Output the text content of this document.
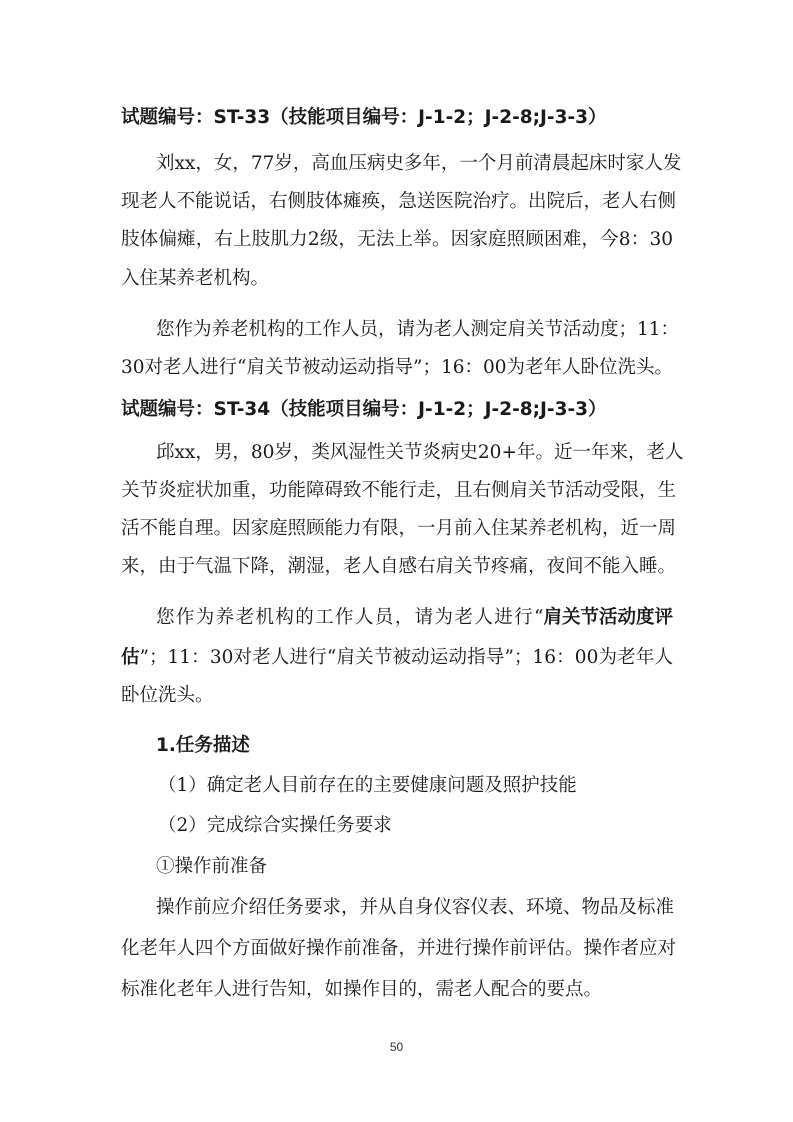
试题编号：ST-33（技能项目编号：J-1-2；J-2-8;J-3-3）
刘xx，女，77岁，高血压病史多年，一个月前清晨起床时家人发
现老人不能说话，右侧肢体瘫痪，急送医院治疗。出院后，老人右侧
肢体偏瘫，右上肢肌力2级，无法上举。因家庭照顾困难，今8：30
入住某养老机构。
您作为养老机构的工作人员，请为老人测定肩关节活动度；11：
30对老人进行“肩关节被动运动指导”；16：00为老年人卧位洗头。
试题编号：ST-34（技能项目编号：J-1-2；J-2-8;J-3-3）
邱xx，男，80岁，类风湿性关节炎病史20+年。近一年来，老人
关节炎症状加重，功能障碍致不能行走，且右侧肩关节活动受限，生
活不能自理。因家庭照顾能力有限，一月前入住某养老机构，近一周
来，由于气温下降，潮湿，老人自感右肩关节疼痛，夜间不能入睡。
您作为养老机构的工作人员，请为老人进行“ 肩关节活动度评
估 ”；11：30对老人进行“肩关节被动运动指导”；16：00为老年人
卧位洗头。
1.任务描述
（1）确定老人目前存在的主要健康问题及照护技能
（2）完成综合实操任务要求
①操作前准备
操作前应介绍任务要求，并从自身仪容仪表、环境、物品及标准
化老年人四个方面做好操作前准备，并进行操作前评估。操作者应对
标准化老年人进行告知，如操作目的，需老人配合的要点。
50
